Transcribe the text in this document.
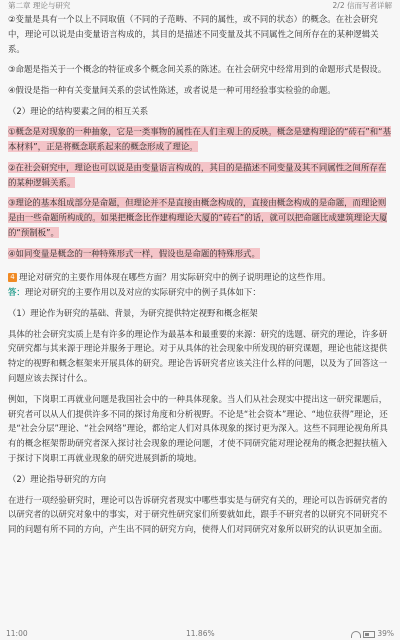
第二章 理论与研究	2/2 信而写者详解

②变量是具有一个以上不同取值（不同的子范畴、不同的属性，或不同的状态）的概念。在社会研究中，理论可以说是由变量语言构成的，其目的是描述不同变量及其不同属性之间所存在的某种逻辑关系。

③命题是指关于一个概念的特征或多个概念间关系的陈述。在社会研究中经常用到的命题形式是假设。

④假设是指一种有关变量间关系的尝试性陈述，或者说是一种可用经验事实检验的命题。

（2）理论的结构要素之间的相互关系

①概念是对现象的一种抽象，它是一类事物的属性在人们主观上的反映。概念是建构理论的“砖石”和“基本材料”，正是将概念联系起来的概念形成了理论。

②在社会研究中，理论也可以说是由变量语言构成的，其目的是描述不同变量及其不同属性之间所存在的某种逻辑关系。

③理论的基本组成部分是命题，但理论并不是直接由概念构成的，直接由概念构成的是命题，而理论则是由一些命题所构成的。如果把概念比作建构理论大厦的“砖石”的话，就可以把命题比成建筑理论大厦的“预制板”。

④如同变量是概念的一种特殊形式一样，假设也是命题的特殊形式。

4 理论对研究的主要作用体现在哪些方面？用实际研究中的例子说明理论的这些作用。

答：理论对研究的主要作用以及对应的实际研究中的例子具体如下：

（1）理论作为研究的基础、背景，为研究提供特定视野和概念框架

具体的社会研究实质上是有许多的理论作为最基本和最重要的来源：研究的选题、研究的理论，许多研究研究都与其来源于理论并服务于理论。对于从具体的社会现象中所发现的研究课题，理论也能这提供特定的视野和概念框架来开展具体的研究。理论告诉研究者应该关注什么样的问题，以及为了回答这一问题应该去探讨什么。

例如，下岗职工再就业问题是我国社会中的一种具体现象。当人们从社会现实中提出这一研究课题后，研究者可以从人们提供许多不同的探讨角度和分析视野。不论是“社会资本”理论、“地位获得”理论，还是“社会分层”理论、“社会网络”理论，都给定人们对具体现象的探讨更为深入。这些不同理论视角所具有的概念框架帮助研究者深入探讨社会现象的理论问题，才使不同研究能对理论视角的概念把握扶植入于探讨下岗职工再就业现象的研究进展到新的境地。

（2）理论指导研究的方向

在进行一项经验研究时，理论可以告诉研究者现实中哪些事实是与研究有关的，理论可以告诉研究者的以研究者的以研究对象中的事实，对于研究性研究家们所要就如此，跟手不研究者的以研究不同研究不同的问题有所不同的方向，产生出不同的研究方向，使得人们对同研究对象所以研究的认识更加全面。

11:00	11.86%	39%
